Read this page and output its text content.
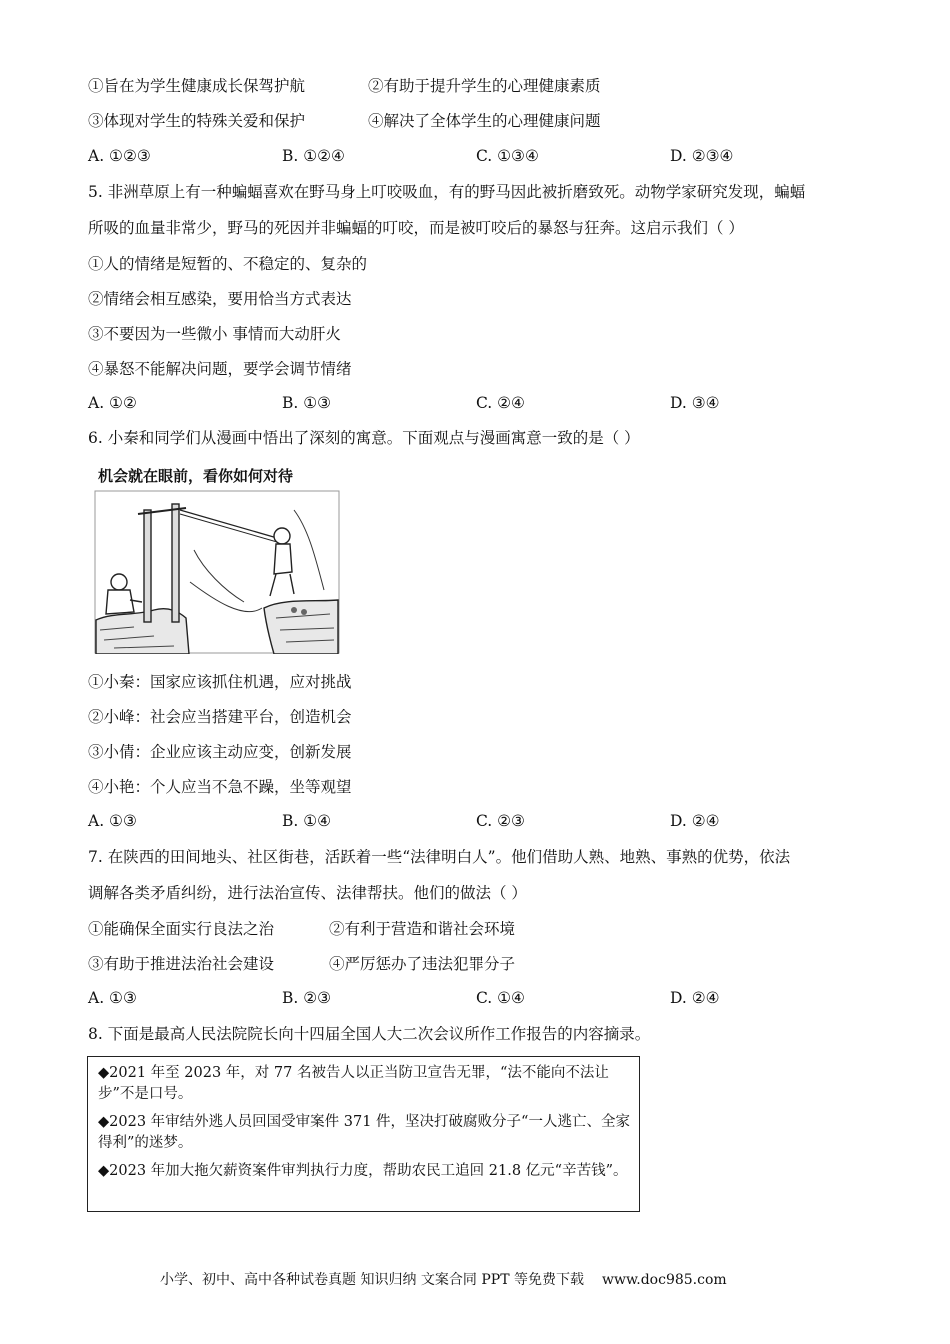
①旨在为学生健康成长保驾护航	②有助于提升学生的心理健康素质
③体现对学生的特殊关爱和保护	④解决了全体学生的心理健康问题
A. ①②③	B. ①②④	C. ①③④	D. ②③④
5. 非洲草原上有一种蝙蝠喜欢在野马身上叮咬吸血，有的野马因此被折磨致死。动物学家研究发现，蝙蝠
所吸的血量非常少，野马的死因并非蝙蝠的叮咬，而是被叮咬后的暴怒与狂奔。这启示我们（ ）
①人的情绪是短暂的、不稳定的、复杂的
②情绪会相互感染，要用恰当方式表达
③不要因为一些微小 事情而大动肝火
④暴怒不能解决问题，要学会调节情绪
A. ①②	B. ①③	C. ②④	D. ③④
6. 小秦和同学们从漫画中悟出了深刻的寓意。下面观点与漫画寓意一致的是（ ）
机会就在眼前，看你如何对待
①小秦：国家应该抓住机遇，应对挑战
②小峰：社会应当搭建平台，创造机会
③小倩：企业应该主动应变，创新发展
④小艳：个人应当不急不躁，坐等观望
A. ①③	B. ①④	C. ②③	D. ②④
7. 在陕西的田间地头、社区街巷，活跃着一些“法律明白人”。他们借助人熟、地熟、事熟的优势，依法
调解各类矛盾纠纷，进行法治宣传、法律帮扶。他们的做法（ ）
①能确保全面实行良法之治	②有利于营造和谐社会环境
③有助于推进法治社会建设	④严厉惩办了违法犯罪分子
A. ①③	B. ②③	C. ①④	D. ②④
8. 下面是最高人民法院院长向十四届全国人大二次会议所作工作报告的内容摘录。

◆2021 年至 2023 年，对 77 名被告人以正当防卫宣告无罪，“法不能向不法让步”不是口号。

◆2023 年审结外逃人员回国受审案件 371 件，坚决打破腐败分子“一人逃亡、全家得利”的迷梦。

◆2023 年加大拖欠薪资案件审判执行力度，帮助农民工追回 21.8 亿元“辛苦钱”。

小学、初中、高中各种试卷真题 知识归纳 文案合同 PPT 等免费下载 www.doc985.com
